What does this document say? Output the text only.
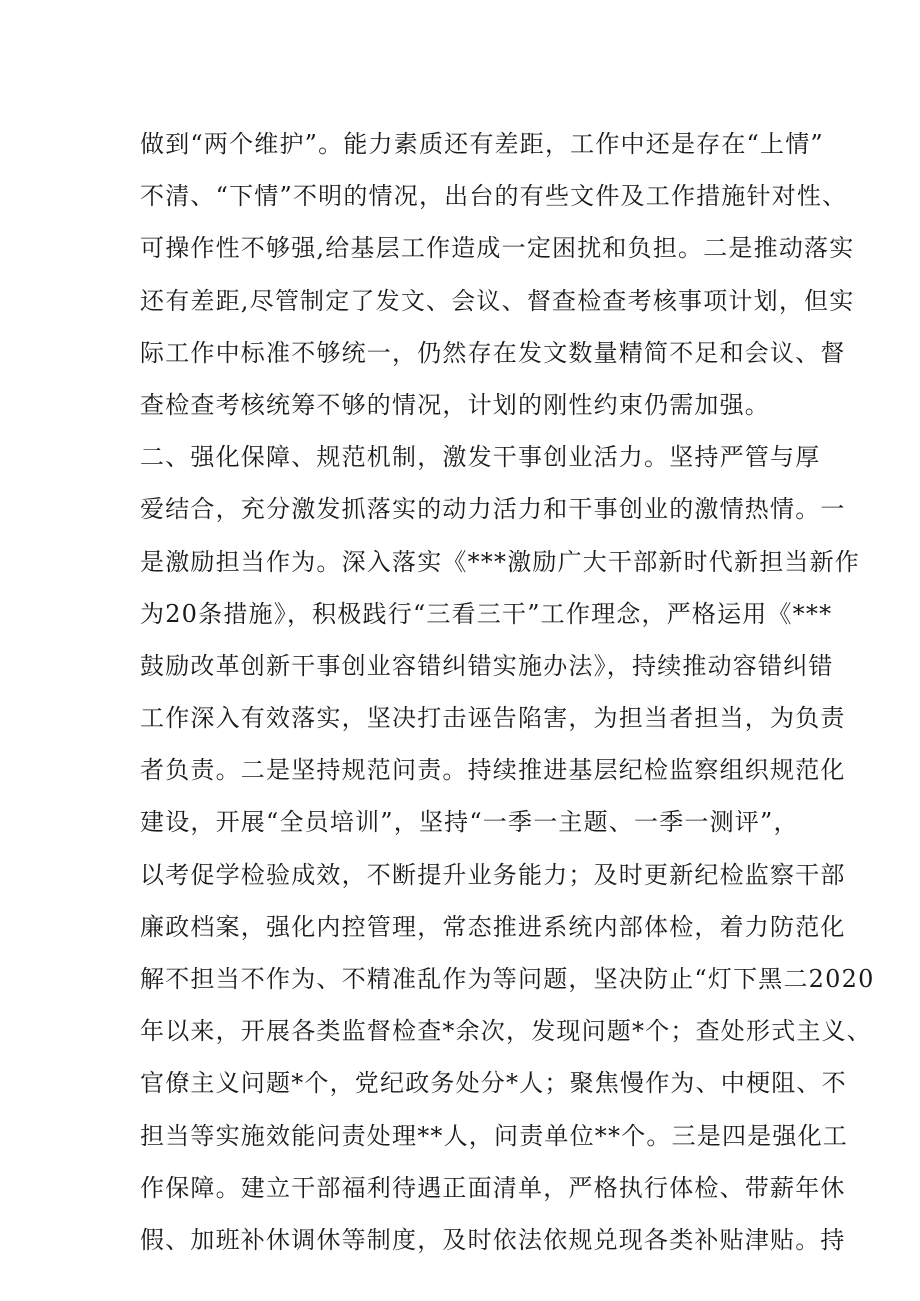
做到“两个维护”。能力素质还有差距，工作中还是存在“上情”
不清、“下情”不明的情况，出台的有些文件及工作措施针对性、
可操作性不够强,给基层工作造成一定困扰和负担。二是推动落实
还有差距,尽管制定了发文、会议、督查检查考核事项计划，但实
际工作中标准不够统一，仍然存在发文数量精简不足和会议、督
查检查考核统筹不够的情况，计划的刚性约束仍需加强。
二、强化保障、规范机制，激发干事创业活力。坚持严管与厚
爱结合，充分激发抓落实的动力活力和干事创业的激情热情。一
是激励担当作为。深入落实《***激励广大干部新时代新担当新作
为20条措施》，积极践行“三看三干”工作理念，严格运用《***
鼓励改革创新干事创业容错纠错实施办法》，持续推动容错纠错
工作深入有效落实，坚决打击诬告陷害，为担当者担当，为负责
者负责。二是坚持规范问责。持续推进基层纪检监察组织规范化
建设，开展“全员培训”，坚持“一季一主题、一季一测评”，
以考促学检验成效，不断提升业务能力；及时更新纪检监察干部
廉政档案，强化内控管理，常态推进系统内部体检，着力防范化
解不担当不作为、不精准乱作为等问题，坚决防止“灯下黑二2020
年以来，开展各类监督检查*余次，发现问题*个；查处形式主义、
官僚主义问题*个，党纪政务处分*人；聚焦慢作为、中梗阻、不
担当等实施效能问责处理**人，问责单位**个。三是四是强化工
作保障。建立干部福利待遇正面清单，严格执行体检、带薪年休
假、加班补休调休等制度，及时依法依规兑现各类补贴津贴。持
